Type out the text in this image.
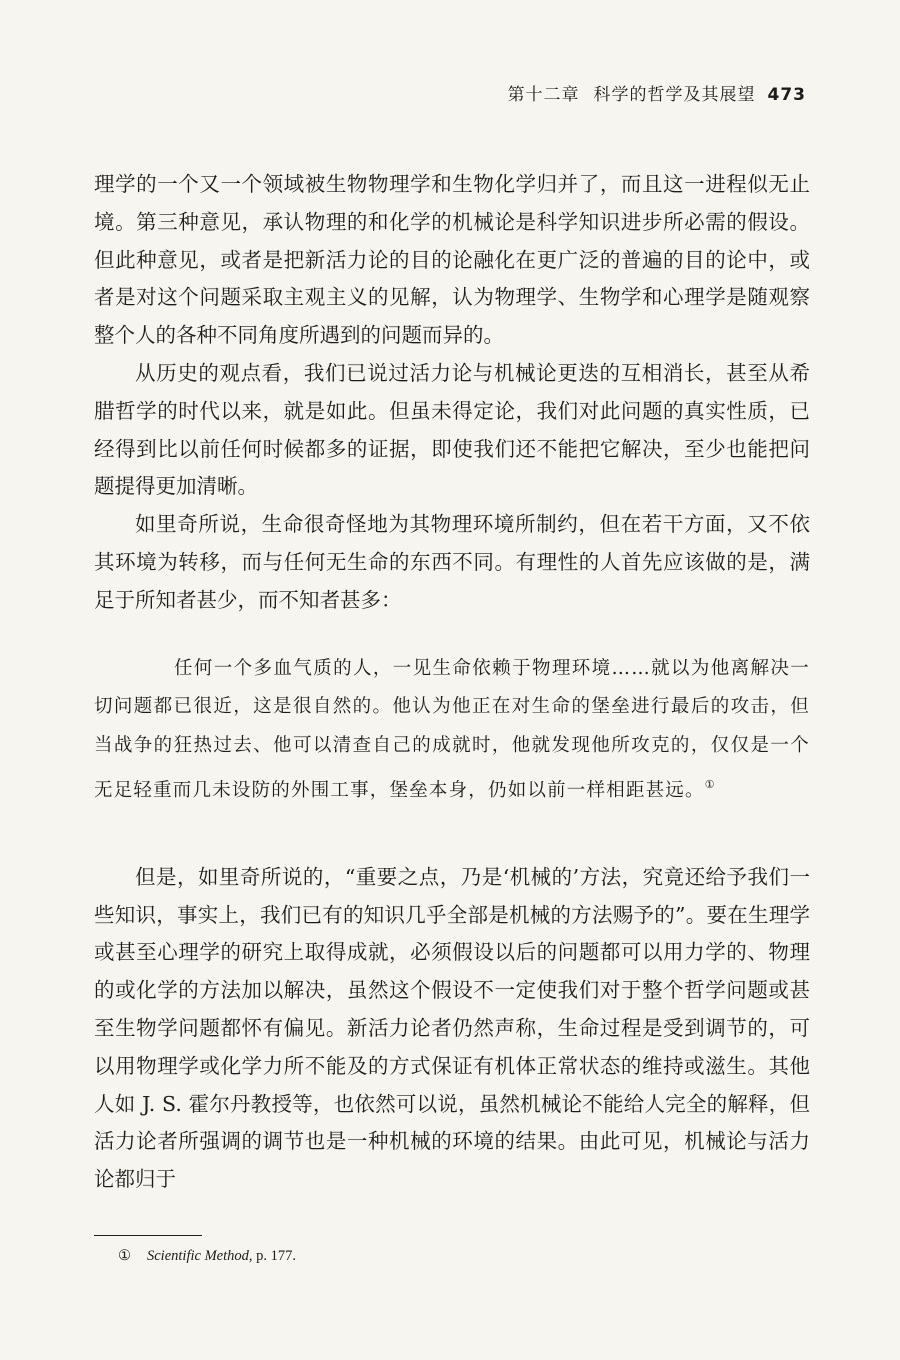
第十二章 科学的哲学及其展望 473

理学的一个又一个领域被生物物理学和生物化学归并了，而且这一进程似无止境。第三种意见，承认物理的和化学的机械论是科学知识进步所必需的假设。但此种意见，或者是把新活力论的目的论融化在更广泛的普遍的目的论中，或者是对这个问题采取主观主义的见解，认为物理学、生物学和心理学是随观察整个人的各种不同角度所遇到的问题而异的。

从历史的观点看，我们已说过活力论与机械论更迭的互相消长，甚至从希腊哲学的时代以来，就是如此。但虽未得定论，我们对此问题的真实性质，已经得到比以前任何时候都多的证据，即使我们还不能把它解决，至少也能把问题提得更加清晰。

如里奇所说，生命很奇怪地为其物理环境所制约，但在若干方面，又不依其环境为转移，而与任何无生命的东西不同。有理性的人首先应该做的是，满足于所知者甚少，而不知者甚多：

任何一个多血气质的人，一见生命依赖于物理环境……就以为他离解决一切问题都已很近，这是很自然的。他认为他正在对生命的堡垒进行最后的攻击，但当战争的狂热过去、他可以清查自己的成就时，他就发现他所攻克的，仅仅是一个无足轻重而几未设防的外围工事，堡垒本身，仍如以前一样相距甚远。①

但是，如里奇所说的，“重要之点，乃是‘机械的’方法，究竟还给予我们一些知识，事实上，我们已有的知识几乎全部是机械的方法赐予的”。要在生理学或甚至心理学的研究上取得成就，必须假设以后的问题都可以用力学的、物理的或化学的方法加以解决，虽然这个假设不一定使我们对于整个哲学问题或甚至生物学问题都怀有偏见。新活力论者仍然声称，生命过程是受到调节的，可以用物理学或化学力所不能及的方式保证有机体正常状态的维持或滋生。其他人如 J. S. 霍尔丹教授等，也依然可以说，虽然机械论不能给人完全的解释，但活力论者所强调的调节也是一种机械的环境的结果。由此可见，机械论与活力论都归于

① Scientific Method, p. 177.
